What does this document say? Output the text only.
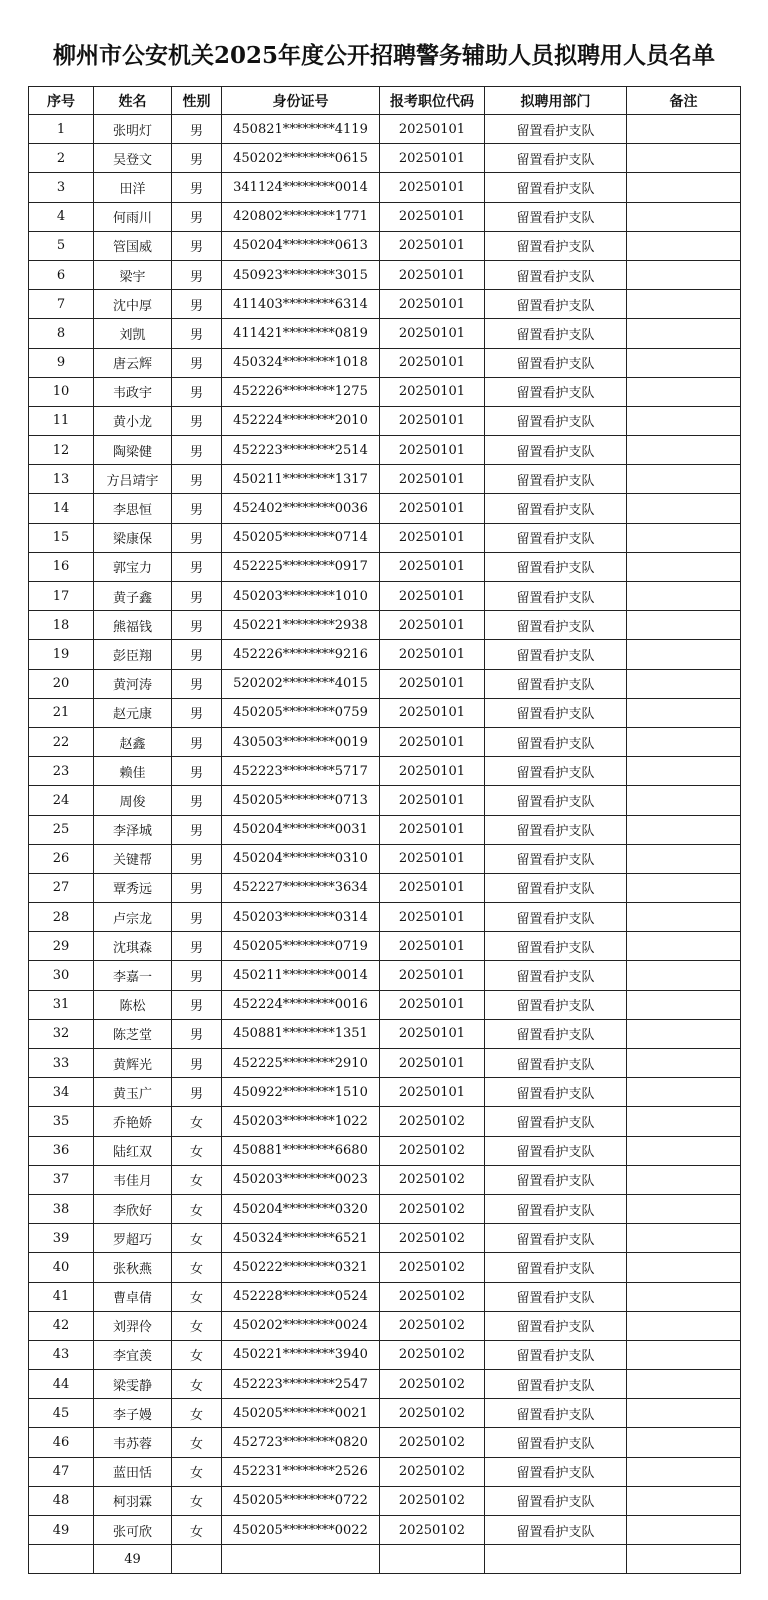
柳州市公安机关2025年度公开招聘警务辅助人员拟聘用人员名单
序号	姓名	性别	身份证号	报考职位代码	拟聘用部门	备注
1	张明灯	男	450821********4119	20250101	留置看护支队	
2	吴登文	男	450202********0615	20250101	留置看护支队	
3	田洋	男	341124********0014	20250101	留置看护支队	
4	何雨川	男	420802********1771	20250101	留置看护支队	
5	管国威	男	450204********0613	20250101	留置看护支队	
6	梁宇	男	450923********3015	20250101	留置看护支队	
7	沈中厚	男	411403********6314	20250101	留置看护支队	
8	刘凯	男	411421********0819	20250101	留置看护支队	
9	唐云辉	男	450324********1018	20250101	留置看护支队	
10	韦政宇	男	452226********1275	20250101	留置看护支队	
11	黄小龙	男	452224********2010	20250101	留置看护支队	
12	陶梁健	男	452223********2514	20250101	留置看护支队	
13	方吕靖宇	男	450211********1317	20250101	留置看护支队	
14	李思恒	男	452402********0036	20250101	留置看护支队	
15	梁康保	男	450205********0714	20250101	留置看护支队	
16	郭宝力	男	452225********0917	20250101	留置看护支队	
17	黄子鑫	男	450203********1010	20250101	留置看护支队	
18	熊福钱	男	450221********2938	20250101	留置看护支队	
19	彭臣翔	男	452226********9216	20250101	留置看护支队	
20	黄河涛	男	520202********4015	20250101	留置看护支队	
21	赵元康	男	450205********0759	20250101	留置看护支队	
22	赵鑫	男	430503********0019	20250101	留置看护支队	
23	赖佳	男	452223********5717	20250101	留置看护支队	
24	周俊	男	450205********0713	20250101	留置看护支队	
25	李泽城	男	450204********0031	20250101	留置看护支队	
26	关键帮	男	450204********0310	20250101	留置看护支队	
27	覃秀远	男	452227********3634	20250101	留置看护支队	
28	卢宗龙	男	450203********0314	20250101	留置看护支队	
29	沈琪森	男	450205********0719	20250101	留置看护支队	
30	李嘉一	男	450211********0014	20250101	留置看护支队	
31	陈松	男	452224********0016	20250101	留置看护支队	
32	陈芝堂	男	450881********1351	20250101	留置看护支队	
33	黄辉光	男	452225********2910	20250101	留置看护支队	
34	黄玉广	男	450922********1510	20250101	留置看护支队	
35	乔艳娇	女	450203********1022	20250102	留置看护支队	
36	陆红双	女	450881********6680	20250102	留置看护支队	
37	韦佳月	女	450203********0023	20250102	留置看护支队	
38	李欣好	女	450204********0320	20250102	留置看护支队	
39	罗超巧	女	450324********6521	20250102	留置看护支队	
40	张秋燕	女	450222********0321	20250102	留置看护支队	
41	曹卓倩	女	452228********0524	20250102	留置看护支队	
42	刘羿伶	女	450202********0024	20250102	留置看护支队	
43	李宜羡	女	450221********3940	20250102	留置看护支队	
44	梁雯静	女	452223********2547	20250102	留置看护支队	
45	李子嫚	女	450205********0021	20250102	留置看护支队	
46	韦苏蓉	女	452723********0820	20250102	留置看护支队	
47	蓝田恬	女	452231********2526	20250102	留置看护支队	
48	柯羽霖	女	450205********0722	20250102	留置看护支队	
49	张可欣	女	450205********0022	20250102	留置看护支队	
	49					
